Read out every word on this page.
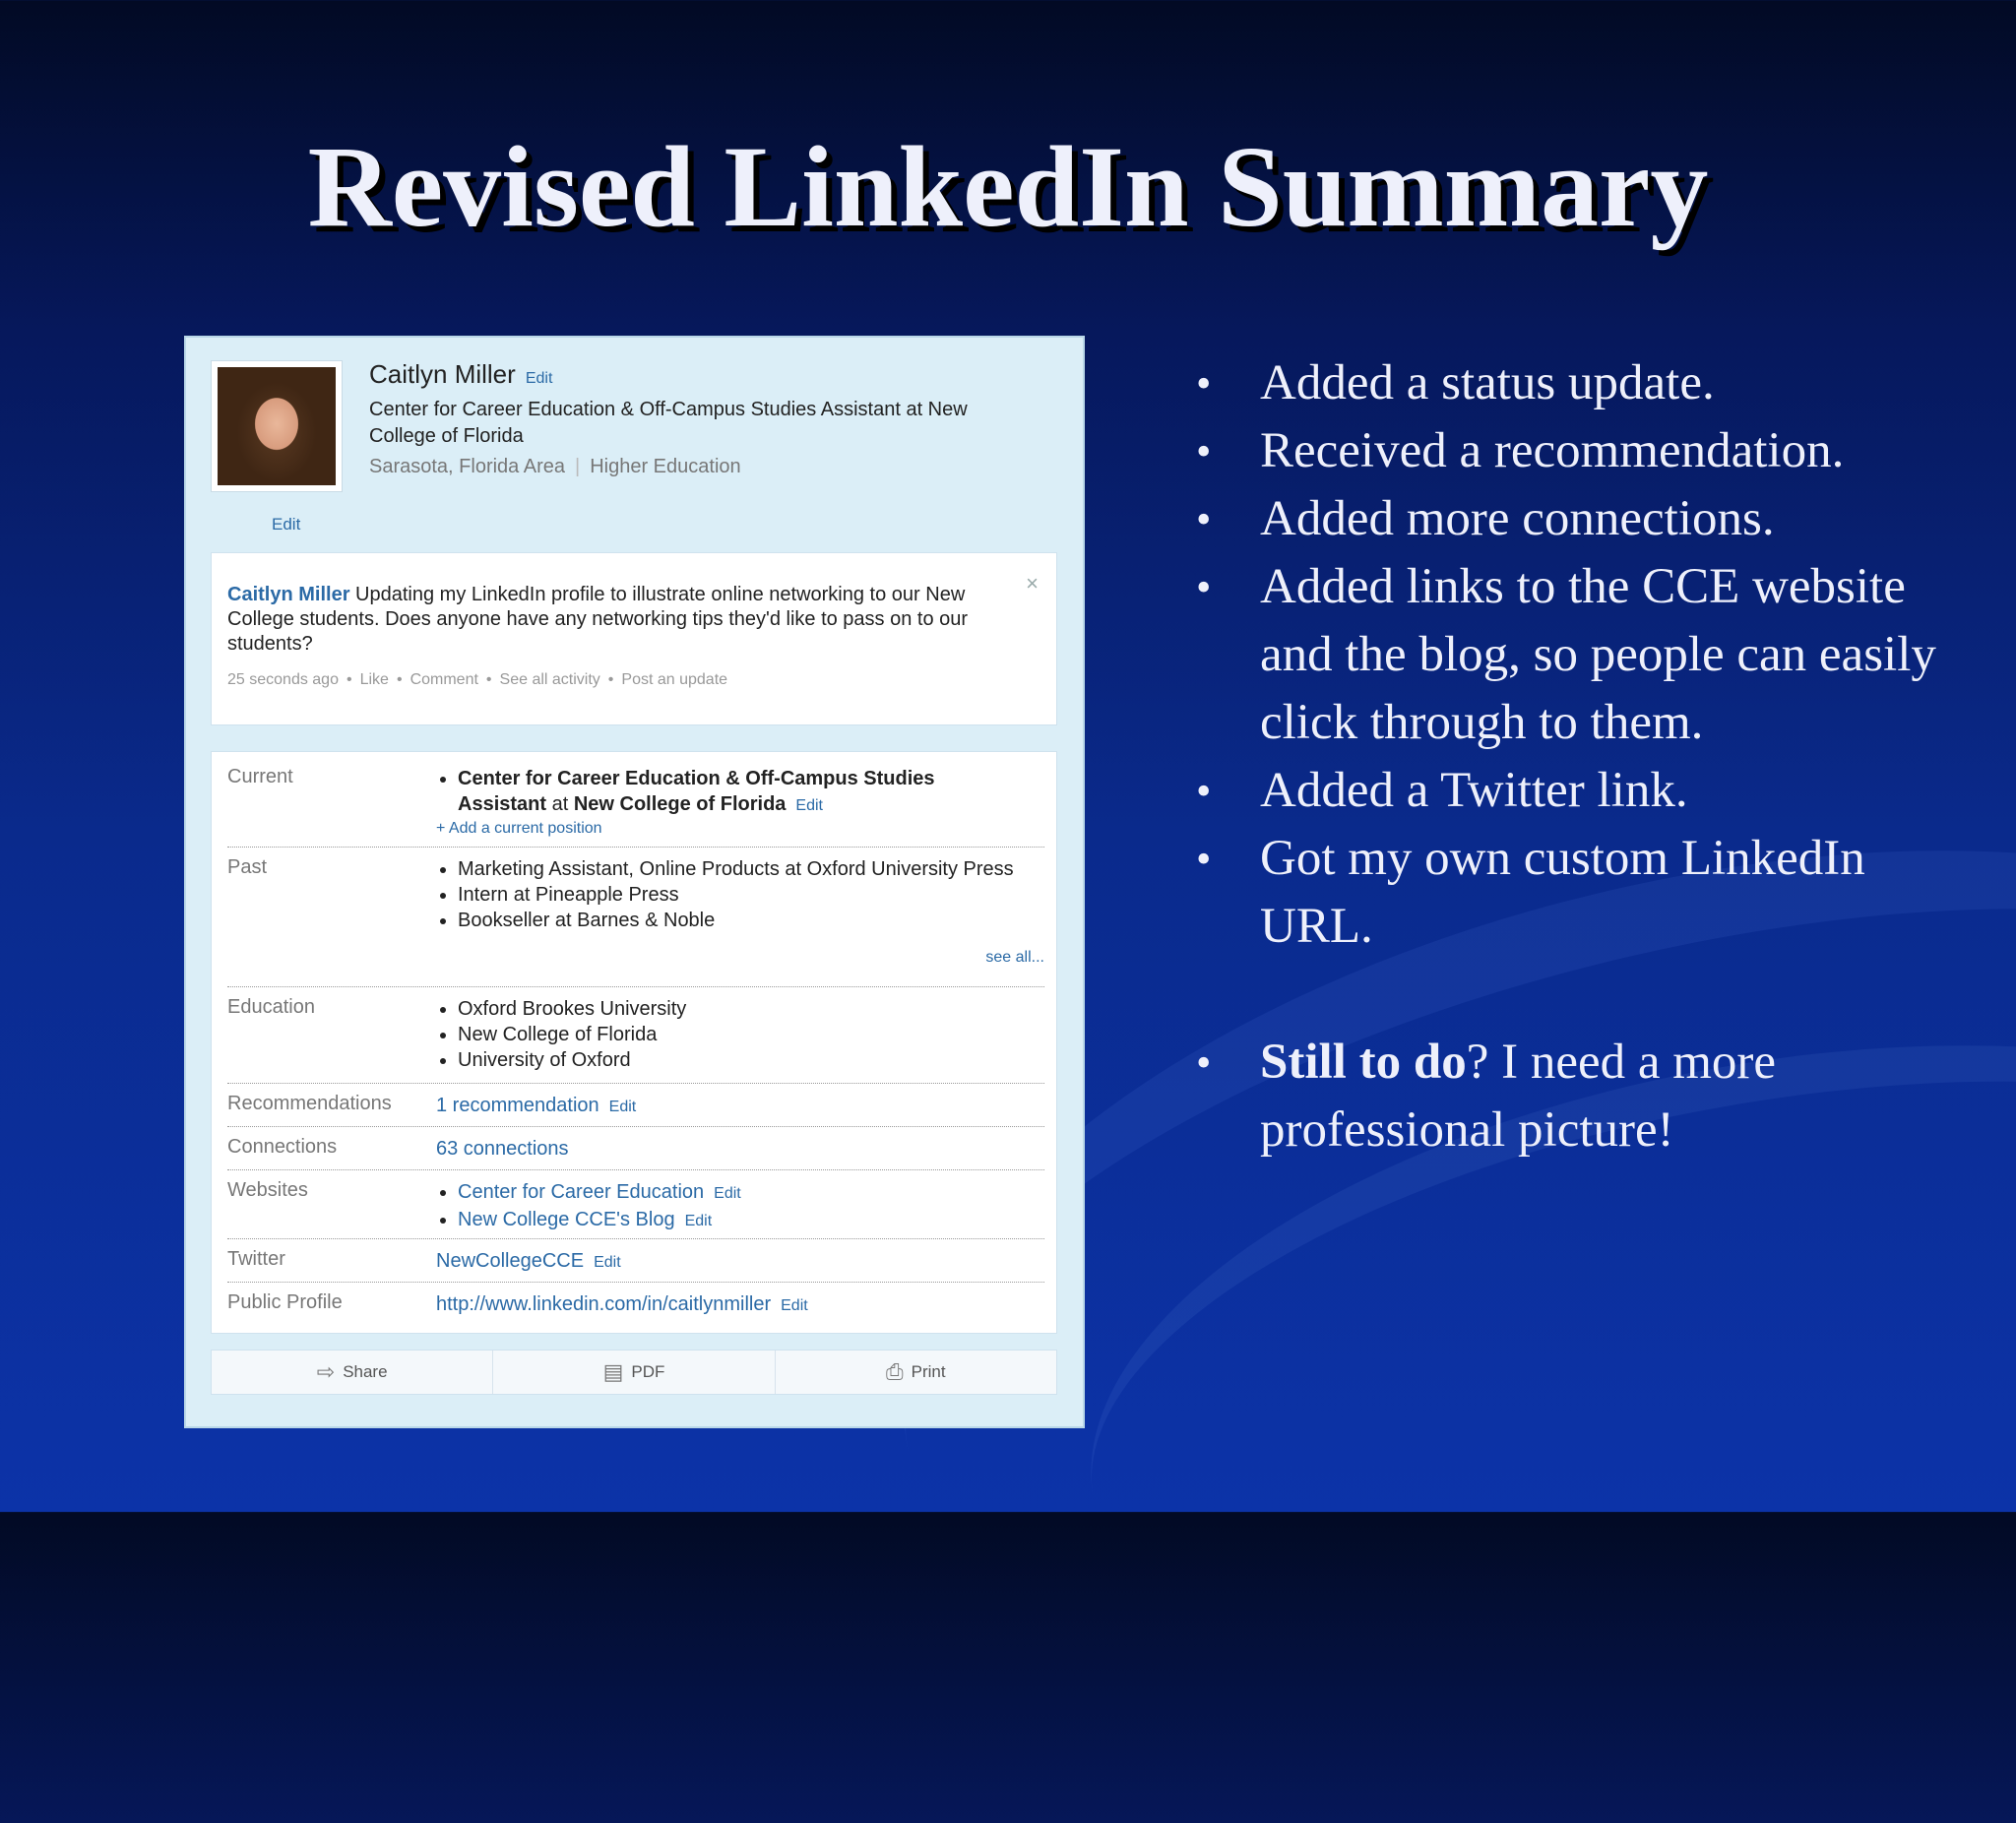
Revised LinkedIn Summary
Edit
Caitlyn Miller Edit
Center for Career Education & Off-Campus Studies Assistant at New College of Florida
Sarasota, Florida Area | Higher Education
Caitlyn Miller Updating my LinkedIn profile to illustrate online networking to our New College students. Does anyone have any networking tips they'd like to pass on to our students?
×
25 seconds ago • Like • Comment • See all activity • Post an update
Current	• Center for Career Education & Off-Campus Studies
Assistant at New College of Florida Edit
+ Add a current position
Past	• Marketing Assistant, Online Products at Oxford University Press
• Intern at Pineapple Press
• Bookseller at Barnes & Noble
see all...
Education	• Oxford Brookes University
• New College of Florida
• University of Oxford
Recommendations 1 recommendation Edit
Connections	63 connections
Websites	• Center for Career Education Edit
• New College CCE's Blog Edit
Twitter	NewCollegeCCE Edit
Public Profile	http://www.linkedin.com/in/caitlynmiller Edit
⇨ Share	▤ PDF	⎙ Print
• Added a status update.
• Received a recommendation.
• Added more connections.
• Added links to the CCE website and the blog, so people can easily click through to them.
• Added a Twitter link.
• Got my own custom LinkedIn URL.
• Still to do? I need a more professional picture!
